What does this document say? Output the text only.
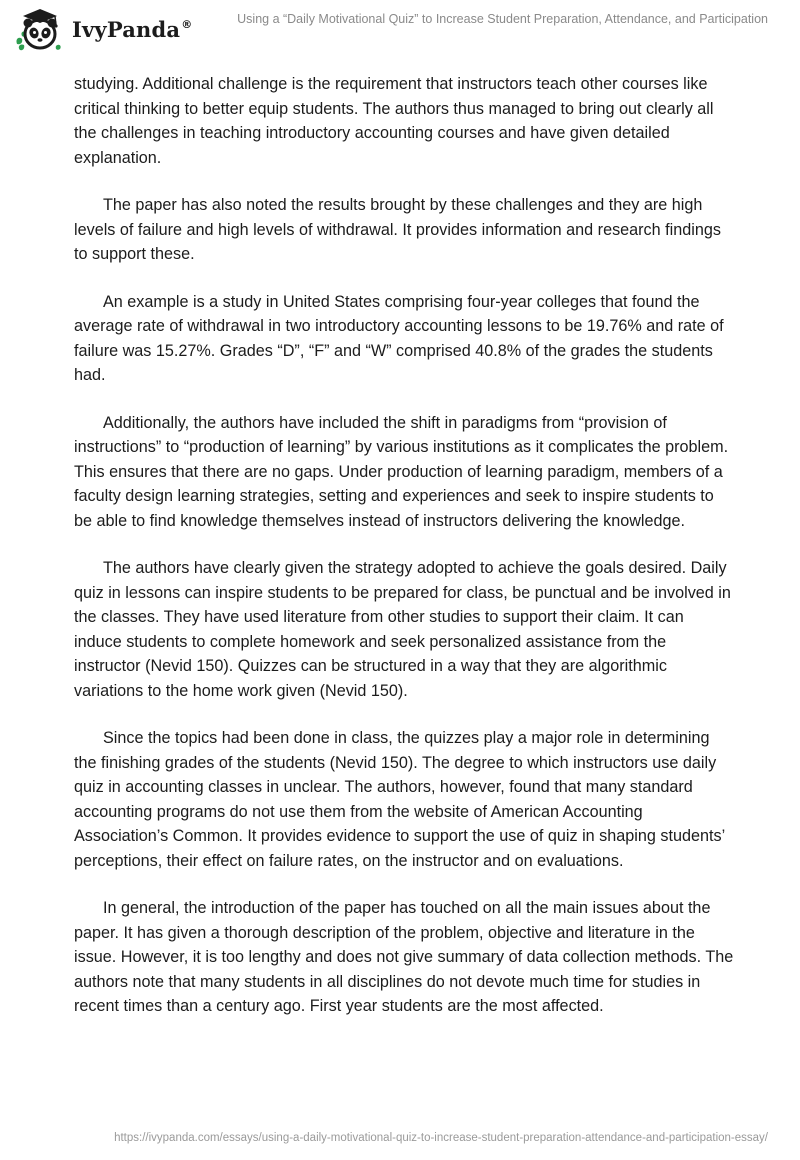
IvyPanda®	Using a “Daily Motivational Quiz” to Increase Student Preparation, Attendance, and Participation

studying. Additional challenge is the requirement that instructors teach other courses like critical thinking to better equip students. The authors thus managed to bring out clearly all the challenges in teaching introductory accounting courses and have given detailed explanation.

The paper has also noted the results brought by these challenges and they are high levels of failure and high levels of withdrawal. It provides information and research findings to support these.

An example is a study in United States comprising four-year colleges that found the average rate of withdrawal in two introductory accounting lessons to be 19.76% and rate of failure was 15.27%. Grades “D”, “F” and “W” comprised 40.8% of the grades the students had.

Additionally, the authors have included the shift in paradigms from “provision of instructions” to “production of learning” by various institutions as it complicates the problem. This ensures that there are no gaps. Under production of learning paradigm, members of a faculty design learning strategies, setting and experiences and seek to inspire students to be able to find knowledge themselves instead of instructors delivering the knowledge.

The authors have clearly given the strategy adopted to achieve the goals desired. Daily quiz in lessons can inspire students to be prepared for class, be punctual and be involved in the classes. They have used literature from other studies to support their claim. It can induce students to complete homework and seek personalized assistance from the instructor (Nevid 150). Quizzes can be structured in a way that they are algorithmic variations to the home work given (Nevid 150).

Since the topics had been done in class, the quizzes play a major role in determining the finishing grades of the students (Nevid 150). The degree to which instructors use daily quiz in accounting classes in unclear. The authors, however, found that many standard accounting programs do not use them from the website of American Accounting Association’s Common. It provides evidence to support the use of quiz in shaping students’ perceptions, their effect on failure rates, on the instructor and on evaluations.

In general, the introduction of the paper has touched on all the main issues about the paper. It has given a thorough description of the problem, objective and literature in the issue. However, it is too lengthy and does not give summary of data collection methods. The authors note that many students in all disciplines do not devote much time for studies in recent times than a century ago. First year students are the most affected.

https://ivypanda.com/essays/using-a-daily-motivational-quiz-to-increase-student-preparation-attendance-and-participation-essay/
